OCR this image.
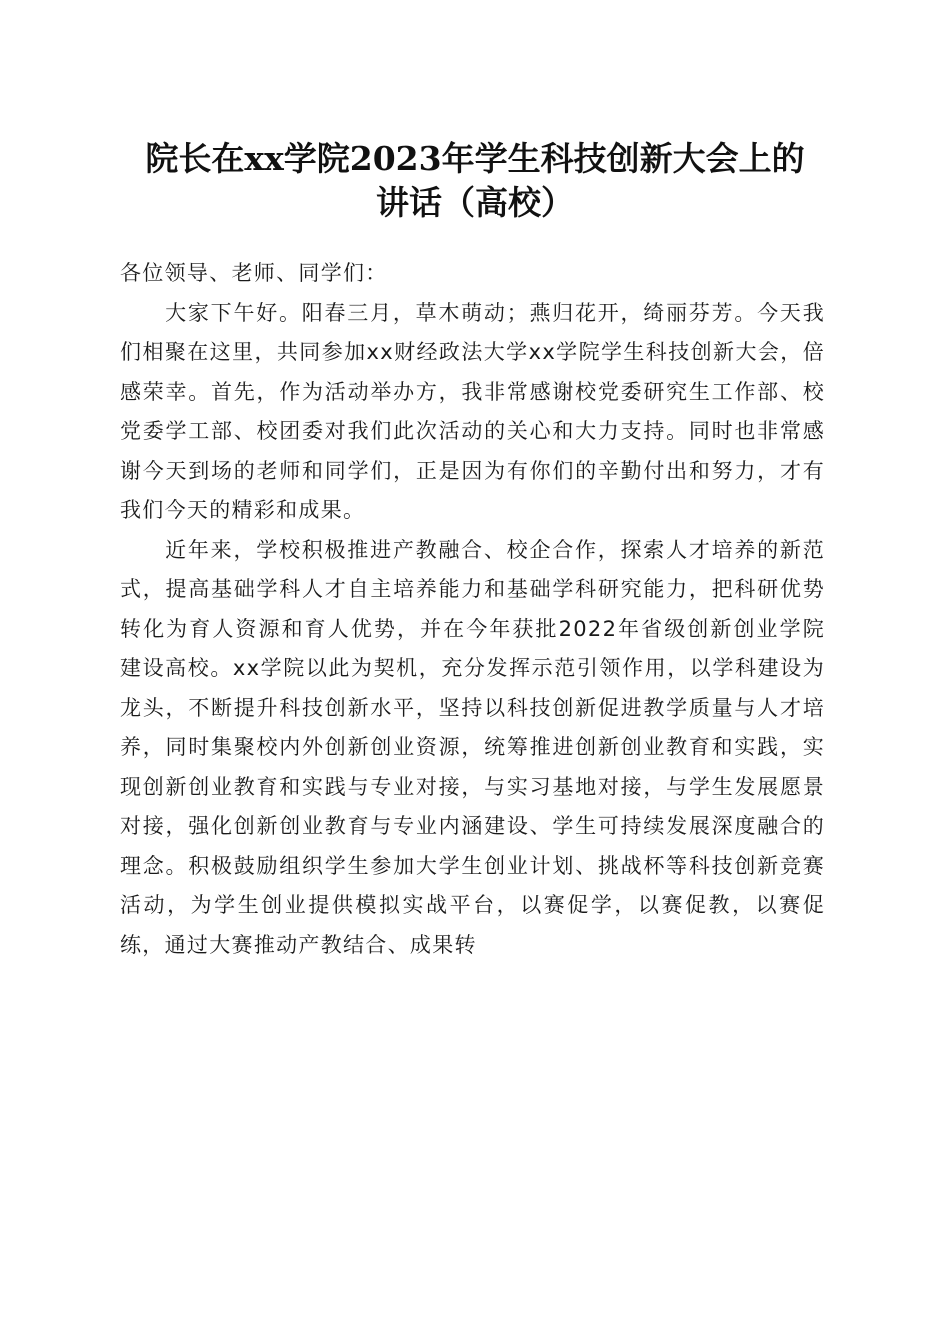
院长在xx学院2023年学生科技创新大会上的
讲话（高校）

各位领导、老师、同学们：

大家下午好。阳春三月，草木萌动；燕归花开，绮丽芬芳。今天我们相聚在这里，共同参加xx财经政法大学xx学院学生科技创新大会，倍感荣幸。首先，作为活动举办方，我非常感谢校党委研究生工作部、校党委学工部、校团委对我们此次活动的关心和大力支持。同时也非常感谢今天到场的老师和同学们，正是因为有你们的辛勤付出和努力，才有我们今天的精彩和成果。

近年来，学校积极推进产教融合、校企合作，探索人才培养的新范式，提高基础学科人才自主培养能力和基础学科研究能力，把科研优势转化为育人资源和育人优势，并在今年获批2022年省级创新创业学院建设高校。xx学院以此为契机，充分发挥示范引领作用，以学科建设为龙头，不断提升科技创新水平，坚持以科技创新促进教学质量与人才培养，同时集聚校内外创新创业资源，统筹推进创新创业教育和实践，实现创新创业教育和实践与专业对接，与实习基地对接，与学生发展愿景对接，强化创新创业教育与专业内涵建设、学生可持续发展深度融合的理念。积极鼓励组织学生参加大学生创业计划、挑战杯等科技创新竞赛活动，为学生创业提供模拟实战平台，以赛促学，以赛促教，以赛促练，通过大赛推动产教结合、成果转
